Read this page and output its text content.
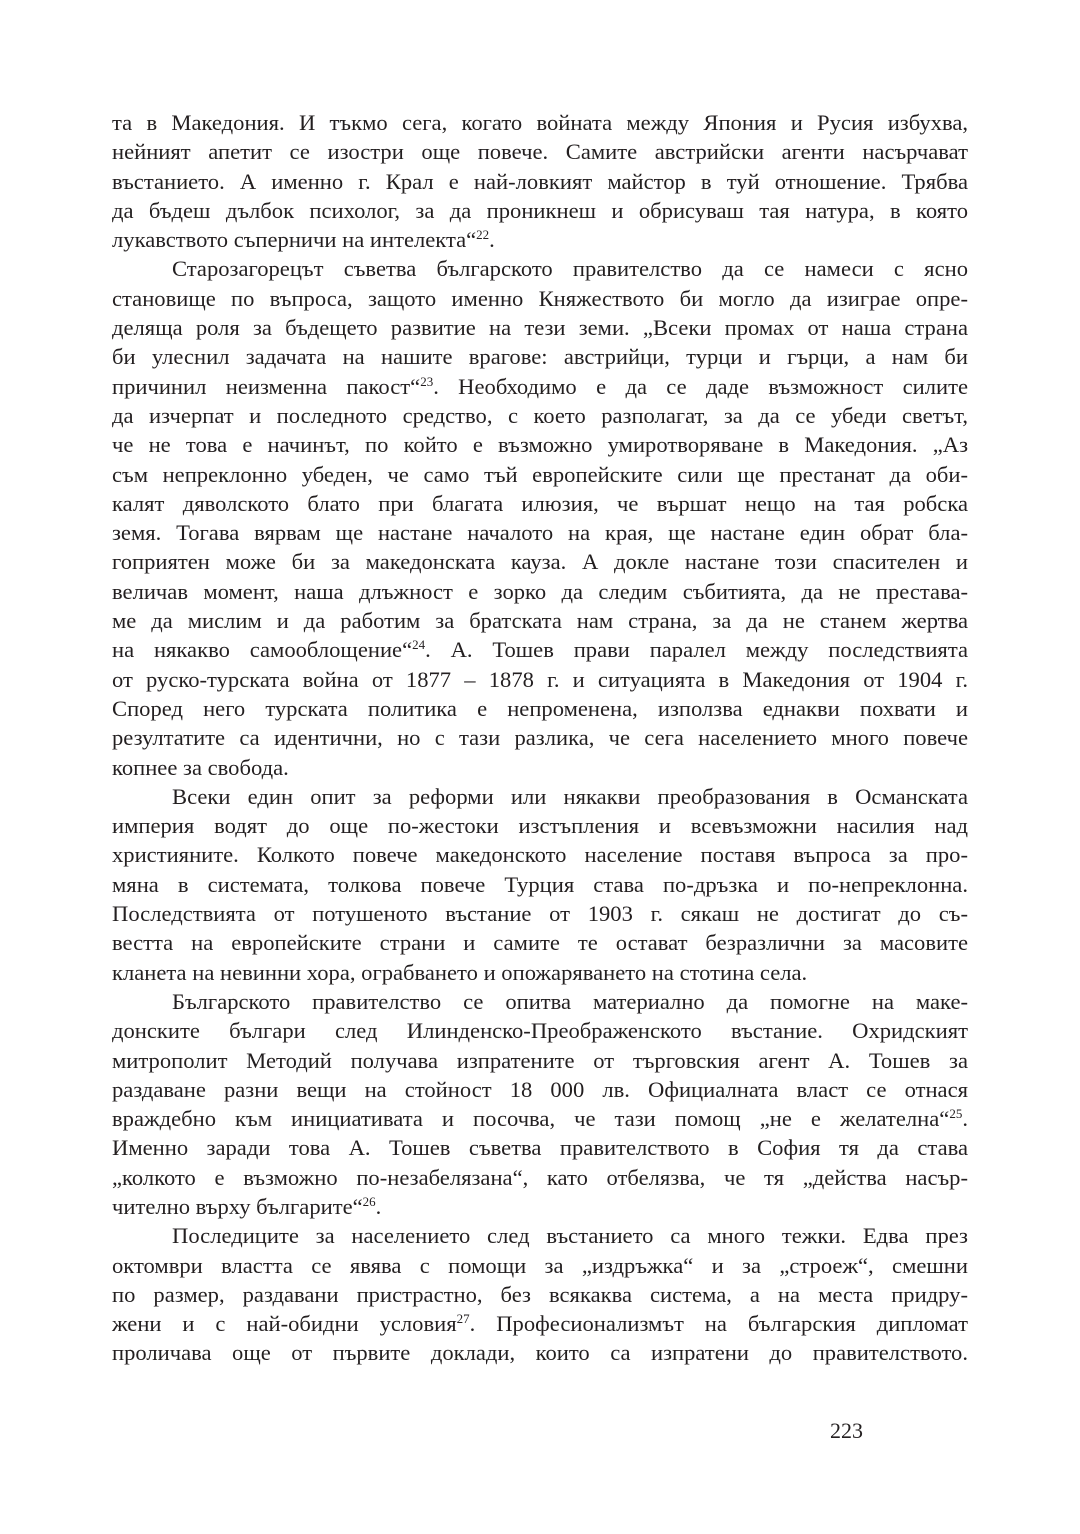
та в Македония. И тъкмо сега, когато войната между Япония и Русия избухва,
нейният апетит се изостри още повече. Самите австрийски агенти насърчават
въстанието. А именно г. Крал е най-ловкият майстор в туй отношение. Трябва
да бъдеш дълбок психолог, за да проникнеш и обрисуваш тая натура, в която
лукавството съперничи на интелекта“$^{22}$.
Старозагорецът съветва българското правителство да се намеси с ясно
становище по въпроса, защото именно Княжеството би могло да изиграе опре-
деляща роля за бъдещето развитие на тези земи. „Всеки промах от наша страна
би улеснил задачата на нашите врагове: австрийци, турци и гърци, а нам би
причинил неизменна пакост“$^{23}$. Необходимо е да се даде възможност силите
да изчерпат и последното средство, с което разполагат, за да се убеди светът,
че не това е начинът, по който е възможно умиротворяване в Македония. „Аз
съм непреклонно убеден, че само тъй европейските сили ще престанат да оби-
калят дяволското блато при благата илюзия, че вършат нещо на тая робска
земя. Тогава вярвам ще настане началото на края, ще настане един обрат бла-
гоприятен може би за македонската кауза. А докле настане този спасителен и
величав момент, наша длъжност е зорко да следим събитията, да не престава-
ме да мислим и да работим за братската нам страна, за да не станем жертва
на някакво самооблощение“$^{24}$. А. Тошев прави паралел между последствията
от руско-турската война от 1877 – 1878 г. и ситуацията в Македония от 1904 г.
Според него турската политика е непроменена, използва еднакви похвати и
резултатите са идентични, но с тази разлика, че сега населението много повече
копнее за свобода.
Всеки един опит за реформи или някакви преобразования в Османската
империя водят до още по-жестоки изстъпления и всевъзможни насилия над
християните. Колкото повече македонското население поставя въпроса за про-
мяна в системата, толкова повече Турция става по-дръзка и по-непреклонна.
Последствията от потушеното въстание от 1903 г. сякаш не достигат до съ-
вестта на европейските страни и самите те остават безразлични за масовите
кланета на невинни хора, ограбването и опожаряването на стотина села.
Българското правителство се опитва материално да помогне на маке-
донските българи след Илинденско-Преображенското въстание. Охридският
митрополит Методий получава изпратените от търговския агент А. Тошев за
раздаване разни вещи на стойност 18 000 лв. Официалната власт се отнася
враждебно към инициативата и посочва, че тази помощ „не е желателна“$^{25}$.
Именно заради това А. Тошев съветва правителството в София тя да става
„колкото е възможно по-незабелязана“, като отбелязва, че тя „действа насър-
чително върху българите“$^{26}$.
Последиците за населението след въстанието са много тежки. Едва през
октомври властта се явява с помощи за „издръжка“ и за „строеж“, смешни
по размер, раздавани пристрастно, без всякаква система, а на места придру-
жени и с най-обидни условия$^{27}$. Професионализмът на българския дипломат
проличава още от първите доклади, които са изпратени до правителството.
223
